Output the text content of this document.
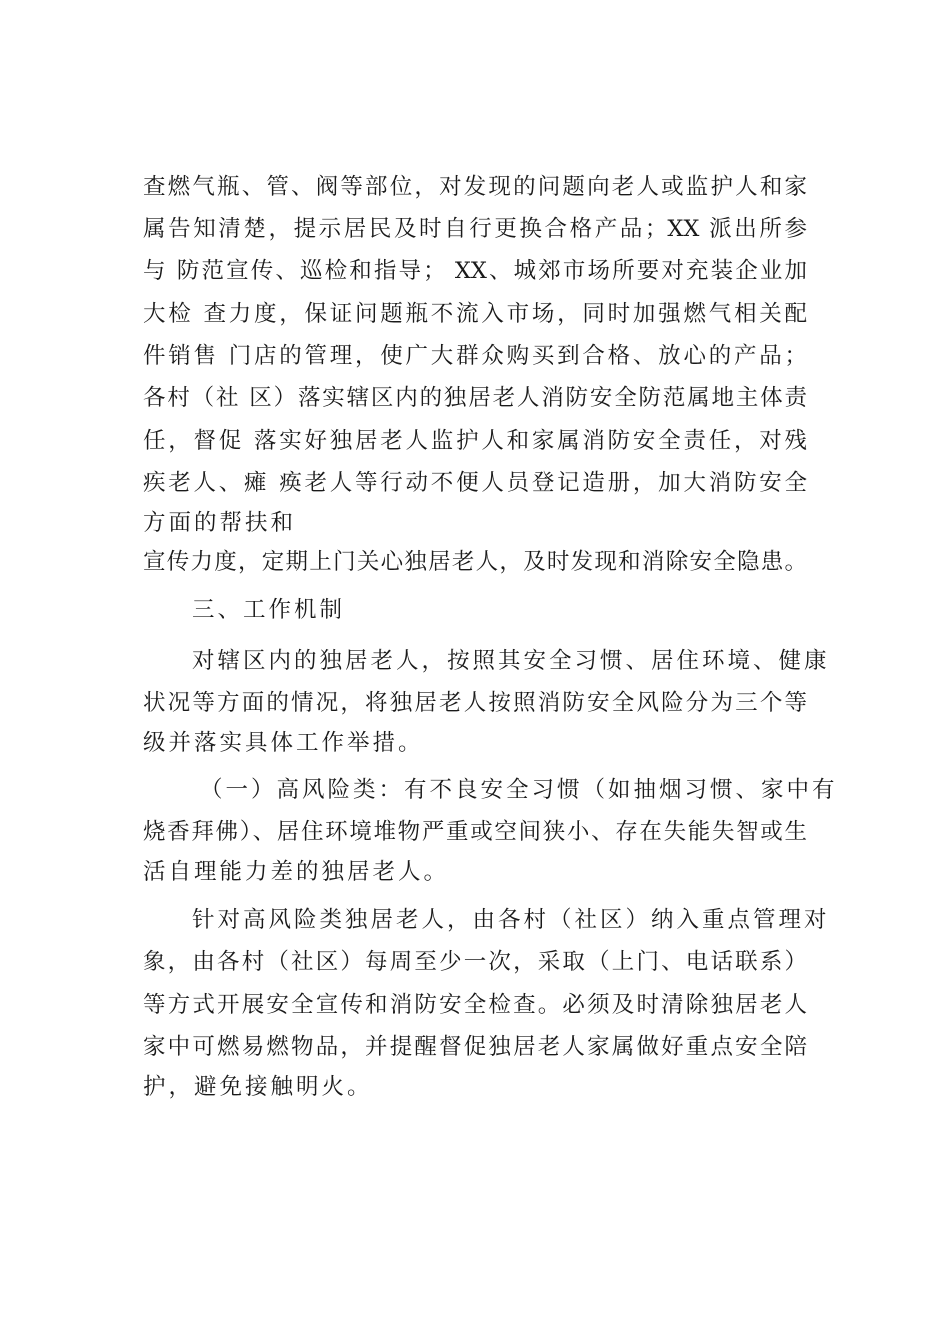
查燃气瓶、管、阀等部位，对发现的问题向老人或监护人和家
属告知清楚，提示居民及时自行更换合格产品；XX 派出所参
与 防范宣传、巡检和指导； XX、城郊市场所要对充装企业加
大检 查力度，保证问题瓶不流入市场，同时加强燃气相关配
件销售 门店的管理，使广大群众购买到合格、放心的产品；
各村（社 区）落实辖区内的独居老人消防安全防范属地主体责
任，督促 落实好独居老人监护人和家属消防安全责任，对残
疾老人、瘫 痪老人等行动不便人员登记造册，加大消防安全
方面的帮扶和
宣传力度，定期上门关心独居老人，及时发现和消除安全隐患。
三、工作机制
对辖区内的独居老人，按照其安全习惯、居住环境、健康
状况等方面的情况，将独居老人按照消防安全风险分为三个等
级并落实具体工作举措。
（一）高风险类：有不良安全习惯（如抽烟习惯、家中有
烧香拜佛）、居住环境堆物严重或空间狭小、存在失能失智或生
活自理能力差的独居老人。
针对高风险类独居老人，由各村（社区）纳入重点管理对
象，由各村（社区）每周至少一次，采取（上门、电话联系）
等方式开展安全宣传和消防安全检查。必须及时清除独居老人
家中可燃易燃物品，并提醒督促独居老人家属做好重点安全陪
护，避免接触明火。
